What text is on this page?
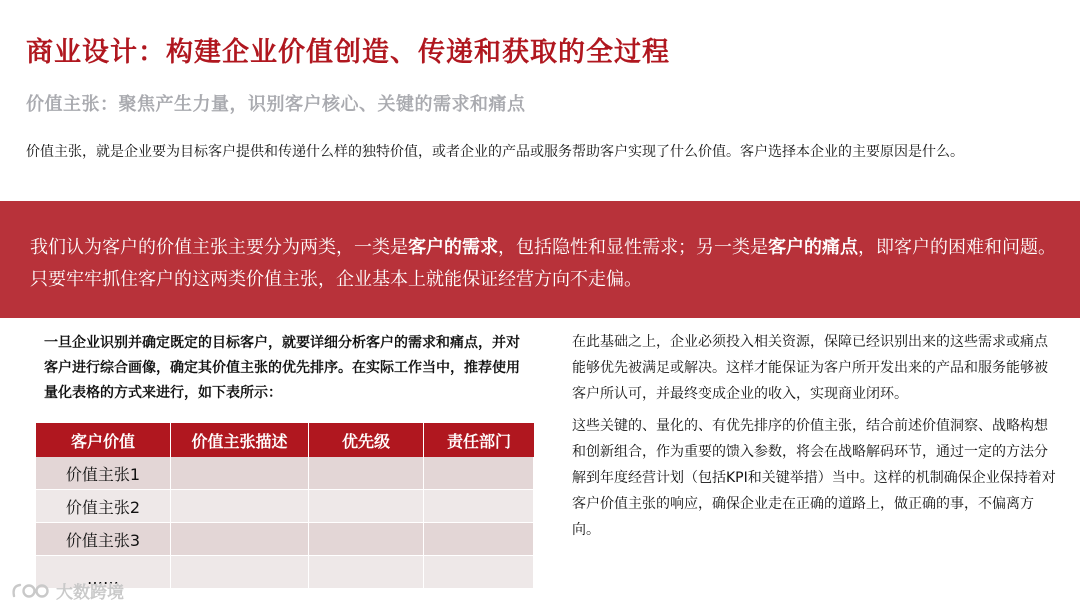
商业设计：构建企业价值创造、传递和获取的全过程
价值主张：聚焦产生力量，识别客户核心、关键的需求和痛点
价值主张，就是企业要为目标客户提供和传递什么样的独特价值，或者企业的产品或服务帮助客户实现了什么价值。客户选择本企业的主要原因是什么。
我们认为客户的价值主张主要分为两类，一类是客户的需求，包括隐性和显性需求；另一类是客户的痛点，即客户的困难和问题。只要牢牢抓住客户的这两类价值主张，企业基本上就能保证经营方向不走偏。
一旦企业识别并确定既定的目标客户，就要详细分析客户的需求和痛点，并对客户进行综合画像，确定其价值主张的优先排序。在实际工作当中，推荐使用量化表格的方式来进行，如下表所示：
客户价值	价值主张描述	优先级	责任部门
价值主张1			
价值主张2			
价值主张3			
……			

在此基础之上，企业必须投入相关资源，保障已经识别出来的这些需求或痛点能够优先被满足或解决。这样才能保证为客户所开发出来的产品和服务能够被客户所认可，并最终变成企业的收入，实现商业闭环。

这些关键的、量化的、有优先排序的价值主张，结合前述价值洞察、战略构想和创新组合，作为重要的馈入参数，将会在战略解码环节，通过一定的方法分解到年度经营计划（包括KPI和关键举措）当中。这样的机制确保企业保持着对客户价值主张的响应，确保企业走在正确的道路上，做正确的事，不偏离方向。

大数跨境
